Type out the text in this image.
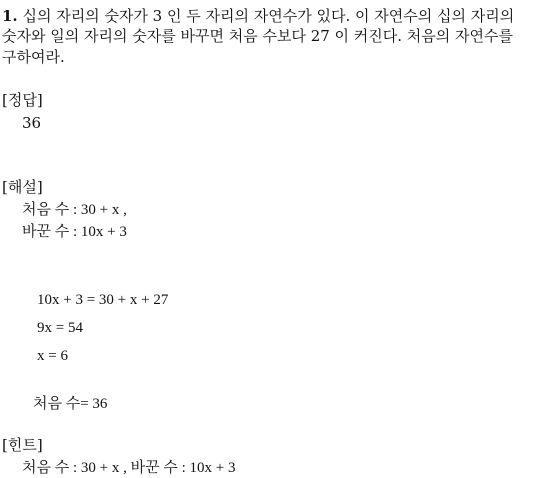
1. 십의 자리의 숫자가 3 인 두 자리의 자연수가 있다. 이 자연수의 십의 자리의
숫자와 일의 자리의 숫자를 바꾸면 처음 수보다 27 이 커진다. 처음의 자연수를
구하여라.
[정답]
36
[해설]
처음 수 : 30 + x ,
바꾼 수 : 10x + 3
10x + 3 = 30 + x + 27
9x = 54
x = 6
처음 수= 36
[힌트]
처음 수 : 30 + x , 바꾼 수 : 10x + 3
